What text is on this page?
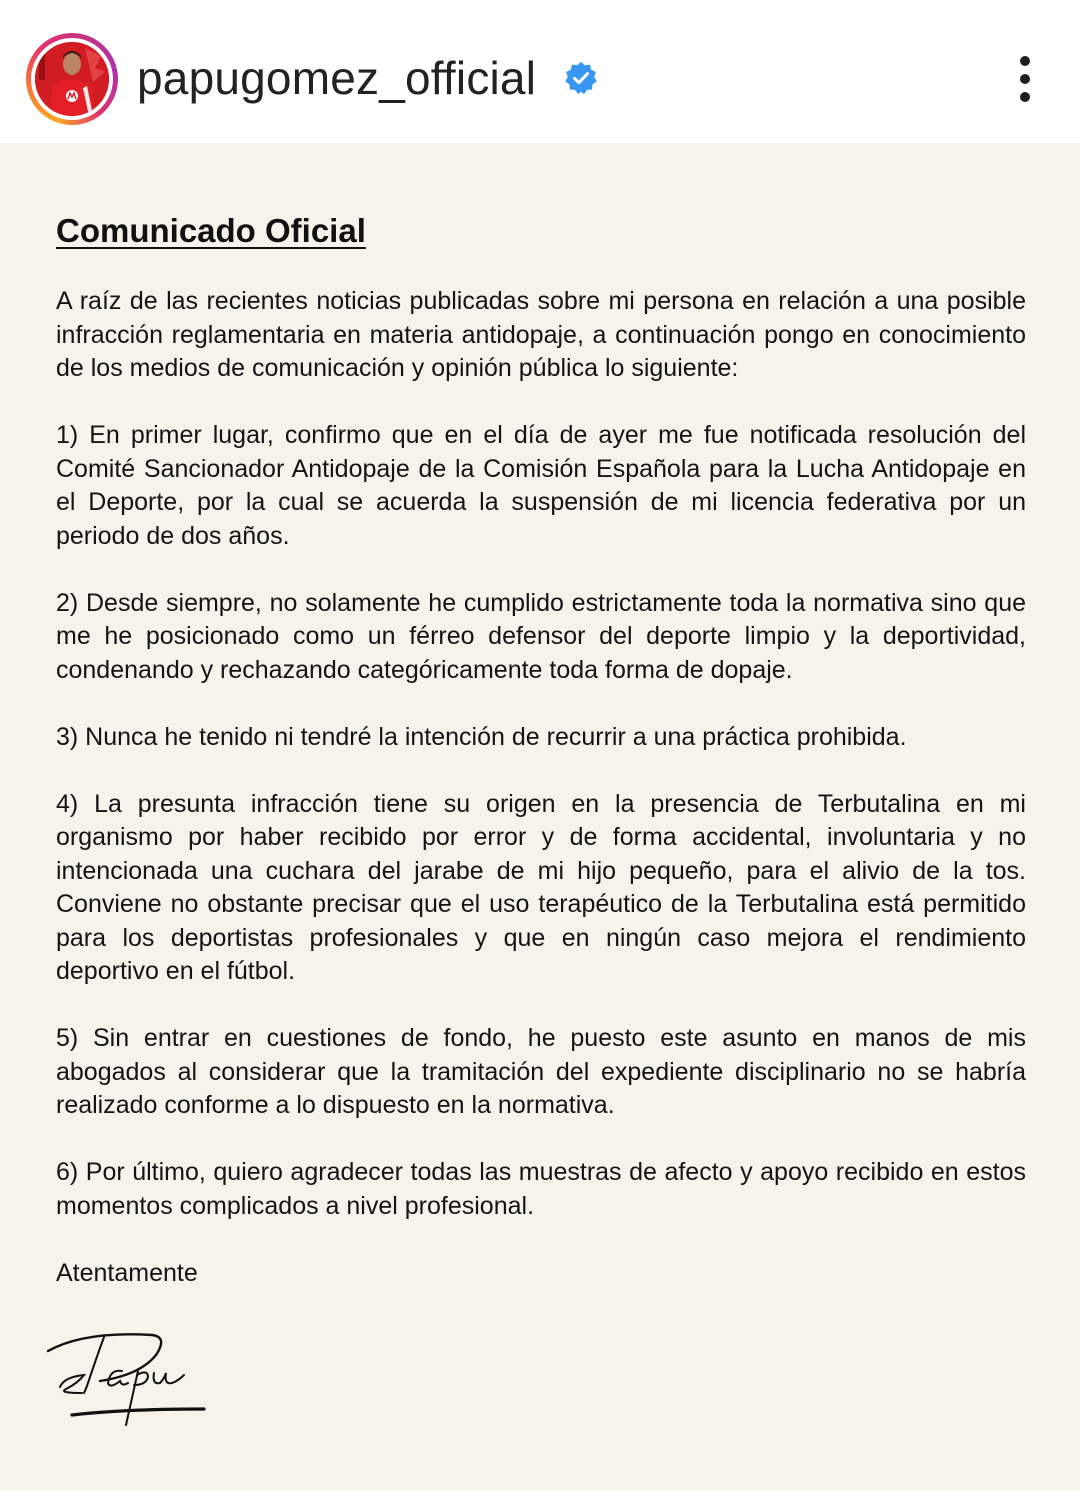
papugomez_official
Comunicado Oficial

A raíz de las recientes noticias publicadas sobre mi persona en relación a una posible infracción reglamentaria en materia antidopaje, a continuación pongo en conocimiento de los medios de comunicación y opinión pública lo siguiente:

1) En primer lugar, confirmo que en el día de ayer me fue notificada resolución del Comité Sancionador Antidopaje de la Comisión Española para la Lucha Antidopaje en el Deporte, por la cual se acuerda la suspensión de mi licencia federativa por un periodo de dos años.

2) Desde siempre, no solamente he cumplido estrictamente toda la normativa sino que me he posicionado como un férreo defensor del deporte limpio y la deportividad, condenando y rechazando categóricamente toda forma de dopaje.

3) Nunca he tenido ni tendré la intención de recurrir a una práctica prohibida.

4) La presunta infracción tiene su origen en la presencia de Terbutalina en mi organismo por haber recibido por error y de forma accidental, involuntaria y no intencionada una cuchara del jarabe de mi hijo pequeño, para el alivio de la tos. Conviene no obstante precisar que el uso terapéutico de la Terbutalina está permitido para los deportistas profesionales y que en ningún caso mejora el rendimiento deportivo en el fútbol.

5) Sin entrar en cuestiones de fondo, he puesto este asunto en manos de mis abogados al considerar que la tramitación del expediente disciplinario no se habría realizado conforme a lo dispuesto en la normativa.

6) Por último, quiero agradecer todas las muestras de afecto y apoyo recibido en estos momentos complicados a nivel profesional.

Atentamente
